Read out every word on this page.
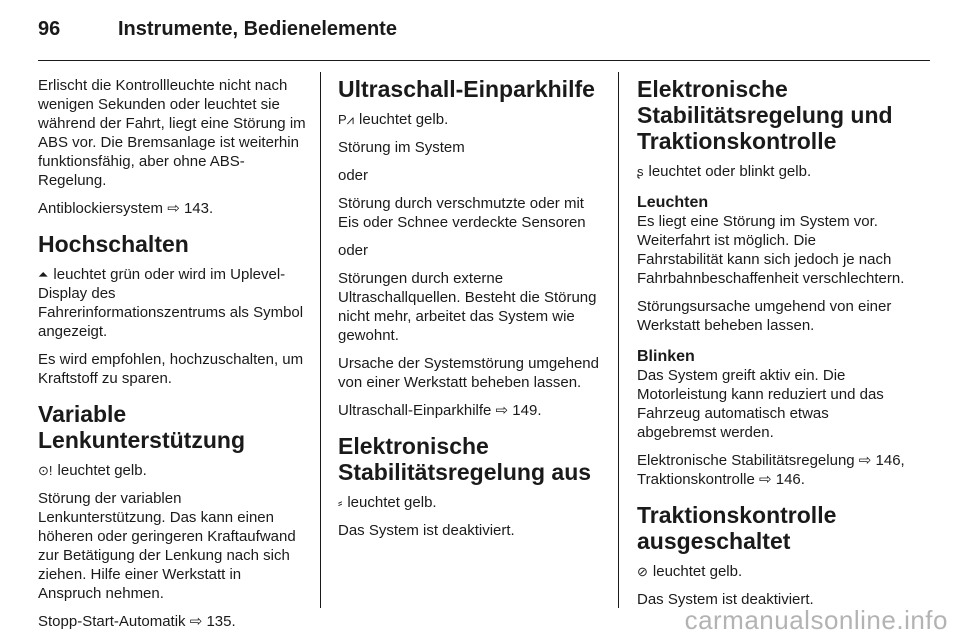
96	Instrumente, Bedienelemente

Erlischt die Kontrollleuchte nicht nach wenigen Sekunden oder leuchtet sie während der Fahrt, liegt eine Störung im ABS vor. Die Bremsanlage ist weiterhin funktionsfähig, aber ohne ABS-Regelung.

Antiblockiersystem ⇨ 143.

Hochschalten

⏶ leuchtet grün oder wird im Uplevel-Display des Fahrerinformationszentrums als Symbol angezeigt.

Es wird empfohlen, hochzuschalten, um Kraftstoff zu sparen.

Variable
Lenkunterstützung

⊙! leuchtet gelb.

Störung der variablen Lenkunterstützung. Das kann einen höheren oder geringeren Kraftaufwand zur Betätigung der Lenkung nach sich ziehen. Hilfe einer Werkstatt in Anspruch nehmen.

Stopp-Start-Automatik ⇨ 135.

Ultraschall-Einparkhilfe

P⩘ leuchtet gelb.

Störung im System

oder

Störung durch verschmutzte oder mit Eis oder Schnee verdeckte Sensoren

oder

Störungen durch externe Ultraschallquellen. Besteht die Störung nicht mehr, arbeitet das System wie gewohnt.

Ursache der Systemstörung umgehend von einer Werkstatt beheben lassen.

Ultraschall-Einparkhilfe ⇨ 149.

Elektronische
Stabilitätsregelung aus

⸗ leuchtet gelb.

Das System ist deaktiviert.

Elektronische
Stabilitätsregelung und
Traktionskontrolle

ʂ leuchtet oder blinkt gelb.

Leuchten

Es liegt eine Störung im System vor. Weiterfahrt ist möglich. Die Fahrstabilität kann sich jedoch je nach Fahrbahnbeschaffenheit verschlechtern.

Störungsursache umgehend von einer Werkstatt beheben lassen.

Blinken

Das System greift aktiv ein. Die Motorleistung kann reduziert und das Fahrzeug automatisch etwas abgebremst werden.

Elektronische Stabilitätsregelung ⇨ 146, Traktionskontrolle ⇨ 146.

Traktionskontrolle
ausgeschaltet

⊘ leuchtet gelb.

Das System ist deaktiviert.

carmanualsonline.info
